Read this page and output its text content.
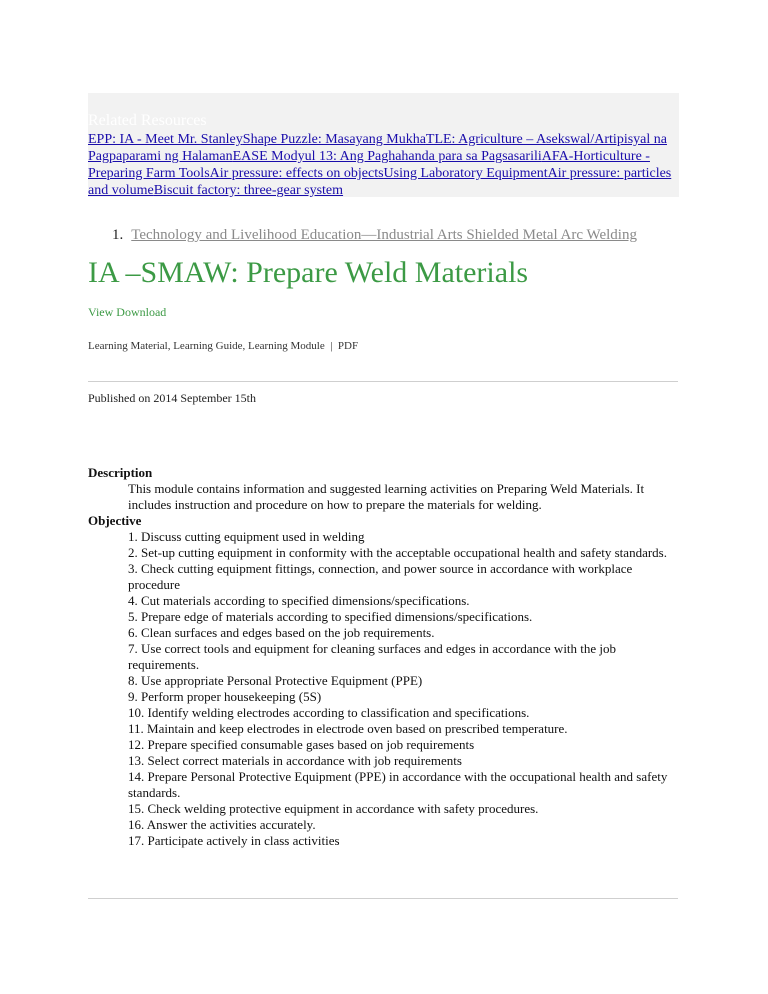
Related Resources
EPP: IA - Meet Mr. StanleyShape Puzzle: Masayang MukhaTLE: Agriculture – Asekswal/Artipisyal na Pagpaparami ng HalamanEASE Modyul 13: Ang Paghahanda para sa PagsasariliAFA-Horticulture - Preparing Farm ToolsAir pressure: effects on objectsUsing Laboratory EquipmentAir pressure: particles and volumeBiscuit factory: three-gear system
1. Technology and Livelihood Education—Industrial Arts Shielded Metal Arc Welding
IA –SMAW: Prepare Weld Materials
View Download
Learning Material, Learning Guide, Learning Module  |  PDF
Published on 2014 September 15th
Description
This module contains information and suggested learning activities on Preparing Weld Materials. It includes instruction and procedure on how to prepare the materials for welding.
Objective
1. Discuss cutting equipment used in welding
2. Set-up cutting equipment in conformity with the acceptable occupational health and safety standards.
3. Check cutting equipment fittings, connection, and power source in accordance with workplace procedure
4. Cut materials according to specified dimensions/specifications.
5. Prepare edge of materials according to specified dimensions/specifications.
6. Clean surfaces and edges based on the job requirements.
7. Use correct tools and equipment for cleaning surfaces and edges in accordance with the job requirements.
8. Use appropriate Personal Protective Equipment (PPE)
9. Perform proper housekeeping (5S)
10. Identify welding electrodes according to classification and specifications.
11. Maintain and keep electrodes in electrode oven based on prescribed temperature.
12. Prepare specified consumable gases based on job requirements
13. Select correct materials in accordance with job requirements
14. Prepare Personal Protective Equipment (PPE) in accordance with the occupational health and safety standards.
15. Check welding protective equipment in accordance with safety procedures.
16. Answer the activities accurately.
17. Participate actively in class activities
